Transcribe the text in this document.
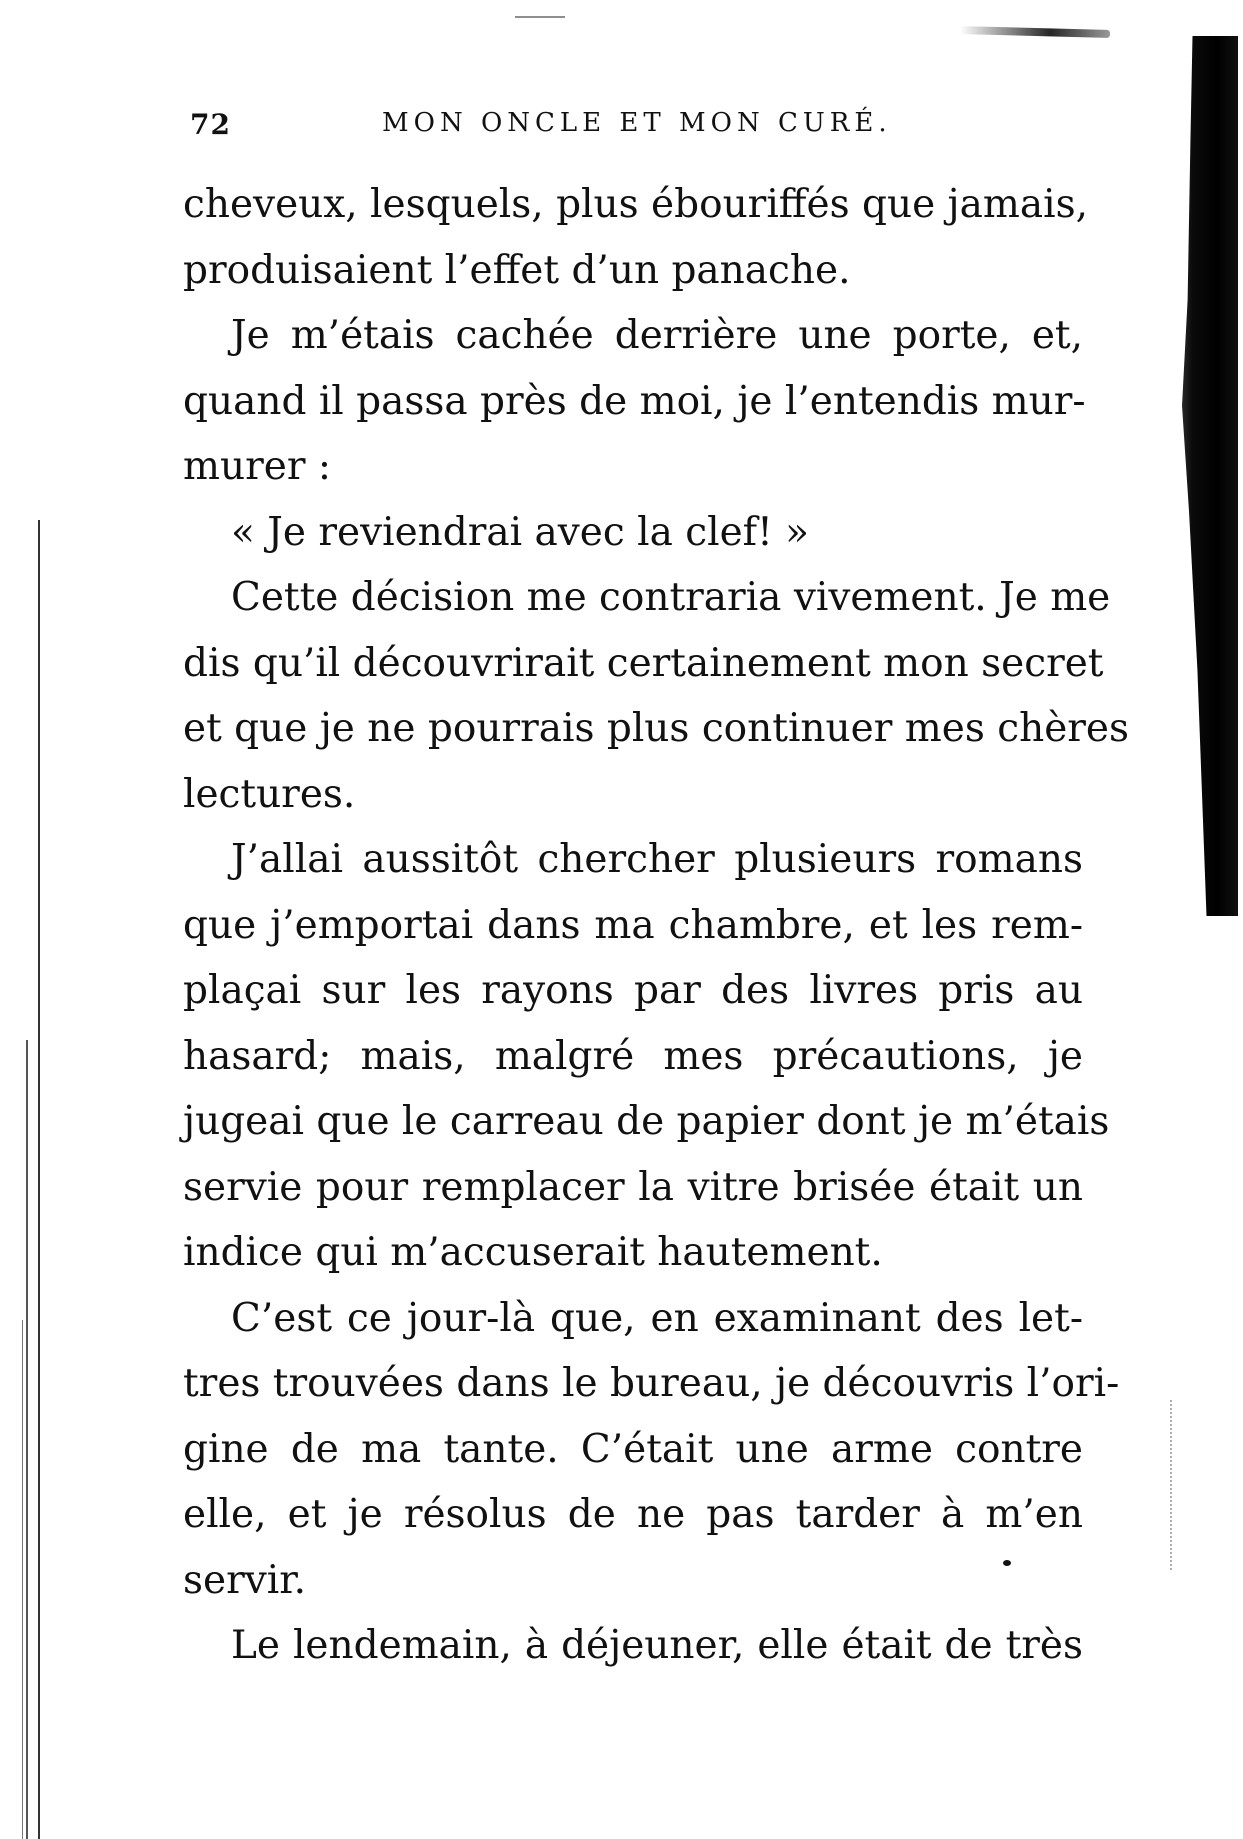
72	MON ONCLE ET MON CURÉ.
cheveux, lesquels, plus ébouriffés que jamais,
produisaient l’effet d’un panache.
Je m’étais cachée derrière une porte, et,
quand il passa près de moi, je l’entendis mur-
murer :
« Je reviendrai avec la clef! »
Cette décision me contraria vivement. Je me
dis qu’il découvrirait certainement mon secret
et que je ne pourrais plus continuer mes chères
lectures.
J’allai aussitôt chercher plusieurs romans
que j’emportai dans ma chambre, et les rem-
plaçai sur les rayons par des livres pris au
hasard; mais, malgré mes précautions, je
jugeai que le carreau de papier dont je m’étais
servie pour remplacer la vitre brisée était un
indice qui m’accuserait hautement.
C’est ce jour-là que, en examinant des let-
tres trouvées dans le bureau, je découvris l’ori-
gine de ma tante. C’était une arme contre
elle, et je résolus de ne pas tarder à m’en
servir.
Le lendemain, à déjeuner, elle était de très
